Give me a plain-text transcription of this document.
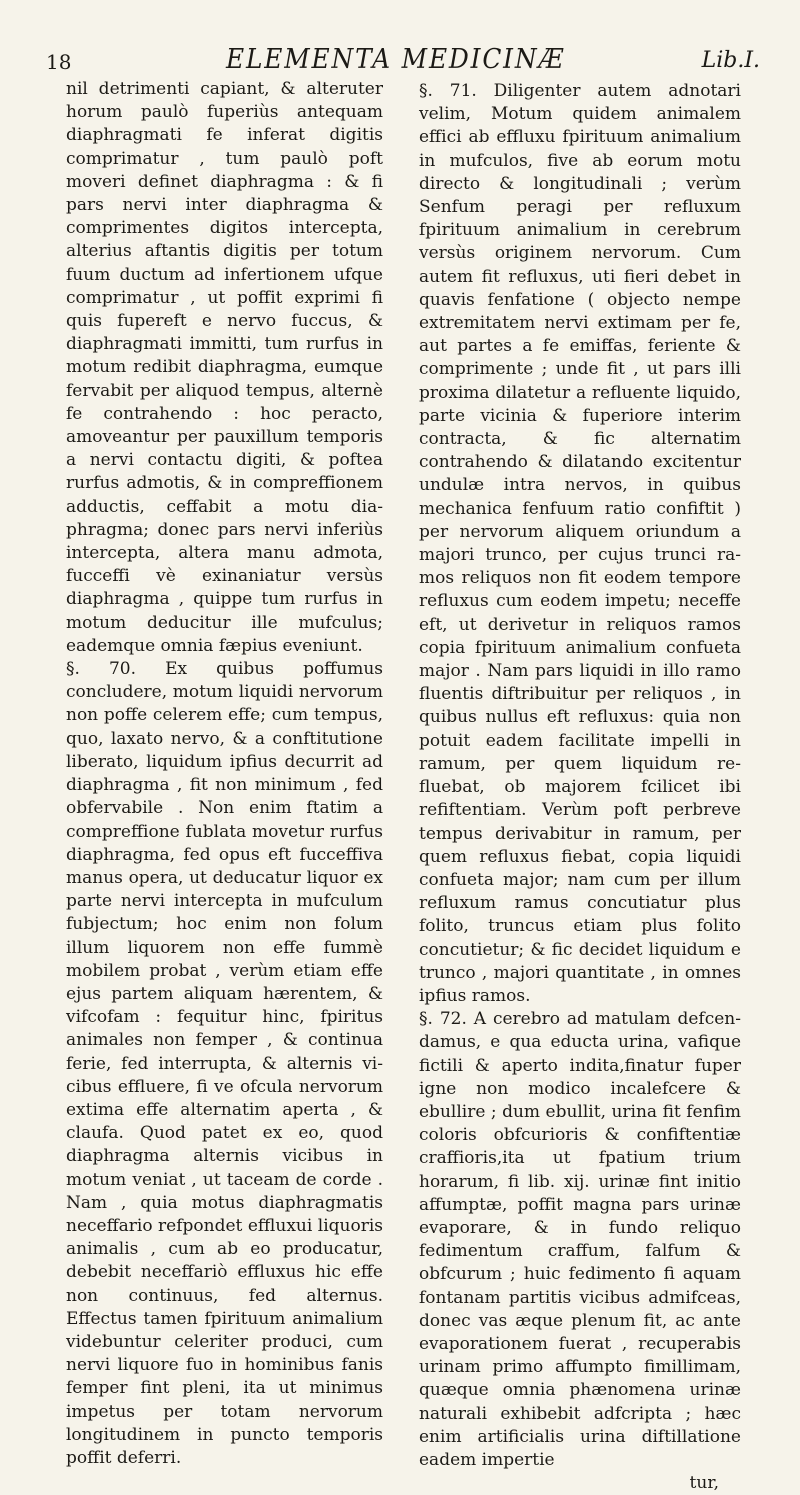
18	ELEMENTA MEDICINÆ	Lib.I.

nil detrimenti capiant, & alteruter horum paulò fuperiùs antequam diaphragmati fe inferat digitis comprimatur , tum paulò poft moveri definet diaphragma : & fi pars nervi inter diaphragma & comprimentes digitos intercepta, alterius aftantis digitis per totum fuum ductum ad infertionem ufque comprimatur , ut poffit exprimi fi quis fupereft e nervo fuccus, & diaphragmati immitti, tum rurfus in motum redibit diaphragma, eumque fervabit per aliquod tempus, alternè fe contrahendo : hoc peracto, amoveantur per pauxillum temporis a nervi contactu digiti, & poftea rurfus admotis, & in compreffionem adductis, ceffabit a motu diaphragma; donec pars nervi inferiùs intercepta, altera manu admota, fucceffi vè exinaniatur versùs diaphragma , quippe tum rurfus in motum deducitur ille mufculus; eademque omnia fæpius eveniunt.

§. 70. Ex quibus poffumus concludere, motum liquidi nervorum non poffe celerem effe; cum tempus, quo, laxato nervo, & a conftitutione liberato, liquidum ipfius decurrit ad diaphragma , fit non minimum , fed obfervabile . Non enim ftatim a compreffione fublata movetur rurfus diaphragma, fed opus eft fucceffiva manus opera, ut deducatur liquor ex parte nervi intercepta in mufculum fubjectum; hoc enim non folum illum liquorem non effe fummè mobilem probat , verùm etiam effe ejus partem aliquam hærentem, & vifcofam : fequitur hinc, fpiritus animales non femper , & continua ferie, fed interrupta, & alternis vicibus effluere, fi ve ofcula nervorum extima effe alternatim aperta , & claufa. Quod patet ex eo, quod diaphragma alternis vicibus in motum veniat , ut taceam de corde . Nam , quia motus diaphragmatis neceffario refpondet effluxui liquoris animalis , cum ab eo producatur, debebit neceffariò effluxus hic effe non continuus, fed alternus. Effectus tamen fpirituum animalium videbuntur celeriter produci, cum nervi liquore fuo in hominibus fanis femper fint pleni, ita ut minimus impetus per totam nervorum longitudinem in puncto temporis poffit deferri.

§. 71. Diligenter autem adnotari velim, Motum quidem animalem effici ab effluxu fpirituum animalium in mufculos, five ab eorum motu directo & longitudinali ; verùm Senfum peragi per refluxum fpirituum animalium in cerebrum versùs originem nervorum. Cum autem fit refluxus, uti fieri debet in quavis fenfatione ( objecto nempe extremitatem nervi extimam per fe, aut partes a fe emiffas, feriente & comprimente ; unde fit , ut pars illi proxima dilatetur a refluente liquido, parte vicinia & fuperiore interim contracta, & fic alternatim contrahendo & dilatando excitentur undulæ intra nervos, in quibus mechanica fenfuum ratio confiftit ) per nervorum aliquem oriundum a majori trunco, per cujus trunci ramos reliquos non fit eodem tempore refluxus cum eodem impetu; neceffe eft, ut derivetur in reliquos ramos copia fpirituum animalium confueta major . Nam pars liquidi in illo ramo fluentis diftribuitur per reliquos , in quibus nullus eft refluxus: quia non potuit eadem facilitate impelli in ramum, per quem liquidum refluebat, ob majorem fcilicet ibi refiftentiam. Verùm poft perbreve tempus derivabitur in ramum, per quem refluxus fiebat, copia liquidi confueta major; nam cum per illum refluxum ramus concutiatur plus folito, truncus etiam plus folito concutietur; & fic decidet liquidum e trunco , majori quantitate , in omnes ipfius ramos.

§. 72. A cerebro ad matulam defcendamus, e qua educta urina, vafique fictili & aperto indita,finatur fuper igne non modico incalefcere & ebullire ; dum ebullit, urina fit fenfim coloris obfcurioris & confiftentiæ craffioris,ita ut fpatium trium horarum, fi lib. xij. urinæ fint initio affumptæ, poffit magna pars urinæ evaporare, & in fundo reliquo fedimentum craffum, falfum & obfcurum ; huic fedimento fi aquam fontanam partitis vicibus admifceas, donec vas æque plenum fit, ac ante evaporationem fuerat , recuperabis urinam primo affumpto fimillimam, quæque omnia phænomena urinæ naturali exhibebit adfcripta ; hæc enim artificialis urina diftillatione eadem impertie

tur,
